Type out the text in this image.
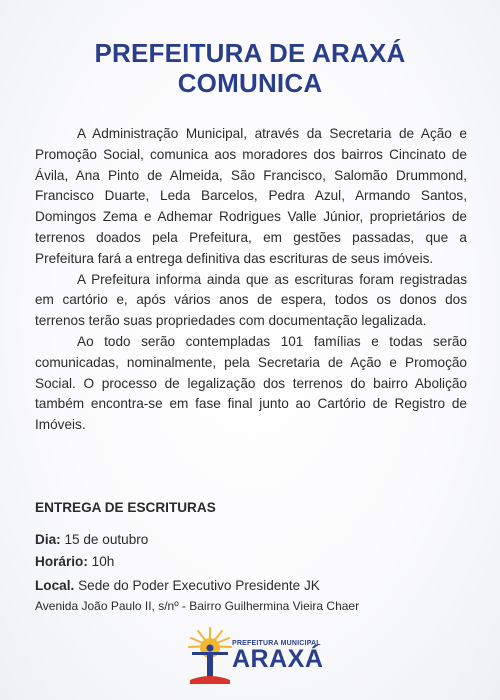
PREFEITURA DE ARAXÁ
COMUNICA

A Administração Municipal, através da Secretaria de Ação e Promoção Social, comunica aos moradores dos bairros Cincinato de Ávila, Ana Pinto de Almeida, São Francisco, Salomão Drummond, Francisco Duarte, Leda Barcelos, Pedra Azul, Armando Santos, Domingos Zema e Adhemar Rodrigues Valle Júnior, proprietários de terrenos doados pela Prefeitura, em gestões passadas, que a Prefeitura fará a entrega definitiva das escrituras de seus imóveis.

A Prefeitura informa ainda que as escrituras foram registradas em cartório e, após vários anos de espera, todos os donos dos terrenos terão suas propriedades com documentação legalizada.

Ao todo serão contempladas 101 famílias e todas serão comunicadas, nominalmente, pela Secretaria de Ação e Promoção Social. O processo de legalização dos terrenos do bairro Abolição também encontra-se em fase final junto ao Cartório de Registro de Imóveis.

ENTREGA DE ESCRITURAS
Dia: 15 de outubro
Horário: 10h
Local. Sede do Poder Executivo Presidente JK
Avenida João Paulo II, s/nº - Bairro Guilhermina Vieira Chaer
PREFEITURA MUNICIPAL
ARAXÁ
